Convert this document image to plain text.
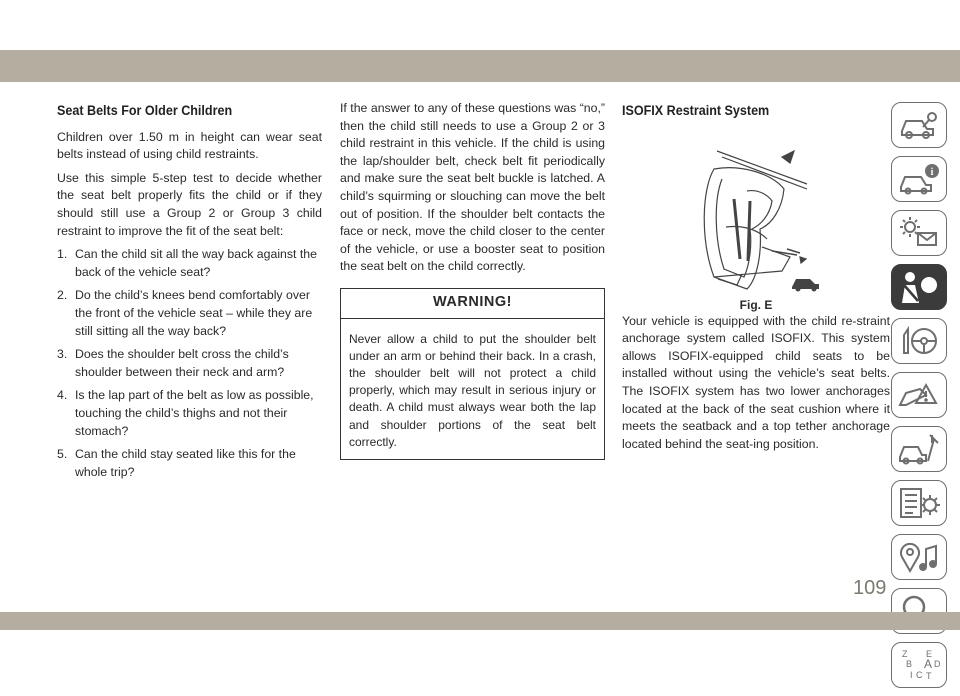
Seat Belts For Older Children

Children over 1.50 m in height can wear seat belts instead of using child restraints.

Use this simple 5-step test to decide whether the seat belt properly fits the child or if they should still use a Group 2 or Group 3 child restraint to improve the fit of the seat belt:

1. Can the child sit all the way back against the back of the vehicle seat?
2. Do the child’s knees bend comfortably over the front of the vehicle seat – while they are still sitting all the way back?
3. Does the shoulder belt cross the child’s shoulder between their neck and arm?
4. Is the lap part of the belt as low as possible, touching the child’s thighs and not their stomach?
5. Can the child stay seated like this for the whole trip?

If the answer to any of these questions was “no,” then the child still needs to use a Group 2 or 3 child restraint in this vehicle. If the child is using the lap/shoulder belt, check belt fit periodically and make sure the seat belt buckle is latched. A child’s squirming or slouching can move the belt out of position. If the shoulder belt contacts the face or neck, move the child closer to the center of the vehicle, or use a booster seat to position the seat belt on the child correctly.

WARNING!
Never allow a child to put the shoulder belt under an arm or behind their back. In a crash, the shoulder belt will not protect a child properly, which may result in serious injury or death. A child must always wear both the lap and shoulder portions of the seat belt correctly.
ISOFIX Restraint System
Fig. E

Your vehicle is equipped with the child re-straint anchorage system called ISOFIX. This system allows ISOFIX-equipped child seats to be installed without using the vehicle’s seat belts. The ISOFIX system has two lower anchorages located at the back of the seat cushion where it meets the seatback and a top tether anchorage located behind the seat-ing position.

i
Z E
B A D
I C T
109
